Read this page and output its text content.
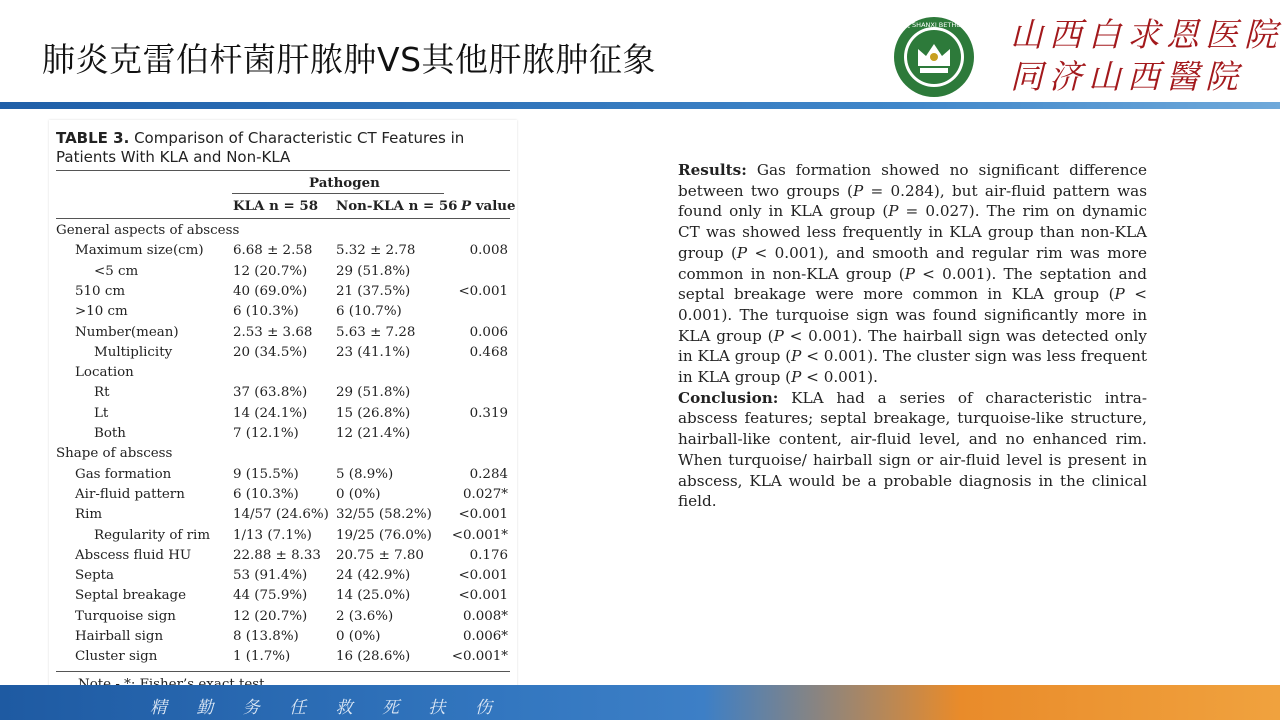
肺炎克雷伯杆菌肝脓肿VS其他肝脓肿征象
山西白求恩医院 SHANXI BETHUNE HOSPITAL 山西白求恩医院
同济山西醫院
TABLE 3. Comparison of Characteristic CT Features in Patients With KLA and Non-KLA
Pathogen
KLA n = 58 Non-KLA n = 56 P value
General aspects of abscess
Maximum size(cm) 6.68 ± 2.58 5.32 ± 2.78	0.008
<5 cm	12 (20.7%) 29 (51.8%)
510 cm	40 (69.0%) 21 (37.5%)	<0.001
>10 cm	6 (10.3%)	6 (10.7%)
Number(mean)	2.53 ± 3.68 5.63 ± 7.28	0.006
Multiplicity	20 (34.5%) 23 (41.1%)	0.468
Location
Rt	37 (63.8%) 29 (51.8%)
Lt	14 (24.1%) 15 (26.8%)	0.319
Both	7 (12.1%)	12 (21.4%)
Shape of abscess
Gas formation	9 (15.5%)	5 (8.9%)	0.284
Air-fluid pattern	6 (10.3%)	0 (0%)	0.027*
Rim	14/57 (24.6%) 32/55 (58.2%) <0.001
Regularity of rim 1/13 (7.1%) 19/25 (76.0%) <0.001*
Abscess fluid HU	22.88 ± 8.33 20.75 ± 7.80	0.176
Septa	53 (91.4%) 24 (42.9%)	<0.001
Septal breakage	44 (75.9%) 14 (25.0%)	<0.001
Turquoise sign	12 (20.7%) 2 (3.6%)	0.008*
Hairball sign	8 (13.8%)	0 (0%)	0.006*
Cluster sign	1 (1.7%)	16 (28.6%)	<0.001*
Results: Gas formation showed no significant difference between two groups (P = 0.284), but air-fluid pattern was found only in KLA group (P = 0.027). The rim on dynamic CT was showed less frequently in KLA group than non-KLA group (P < 0.001), and smooth and regular rim was more common in non-KLA group (P < 0.001). The septation and septal breakage were more common in KLA group (P < 0.001). The turquoise sign was found significantly more in KLA group (P < 0.001). The hairball sign was detected only in KLA group (P < 0.001). The cluster sign was less frequent in KLA group (P < 0.001).
Conclusion: KLA had a series of characteristic intra-abscess features; septal breakage, turquoise-like structure, hairball-like content, air-fluid level, and no enhanced rim. When turquoise/ hairball sign or air-fluid level is present in abscess, KLA would be a probable diagnosis in the clinical field.
精 勤 务 任 救 死 扶 伤
